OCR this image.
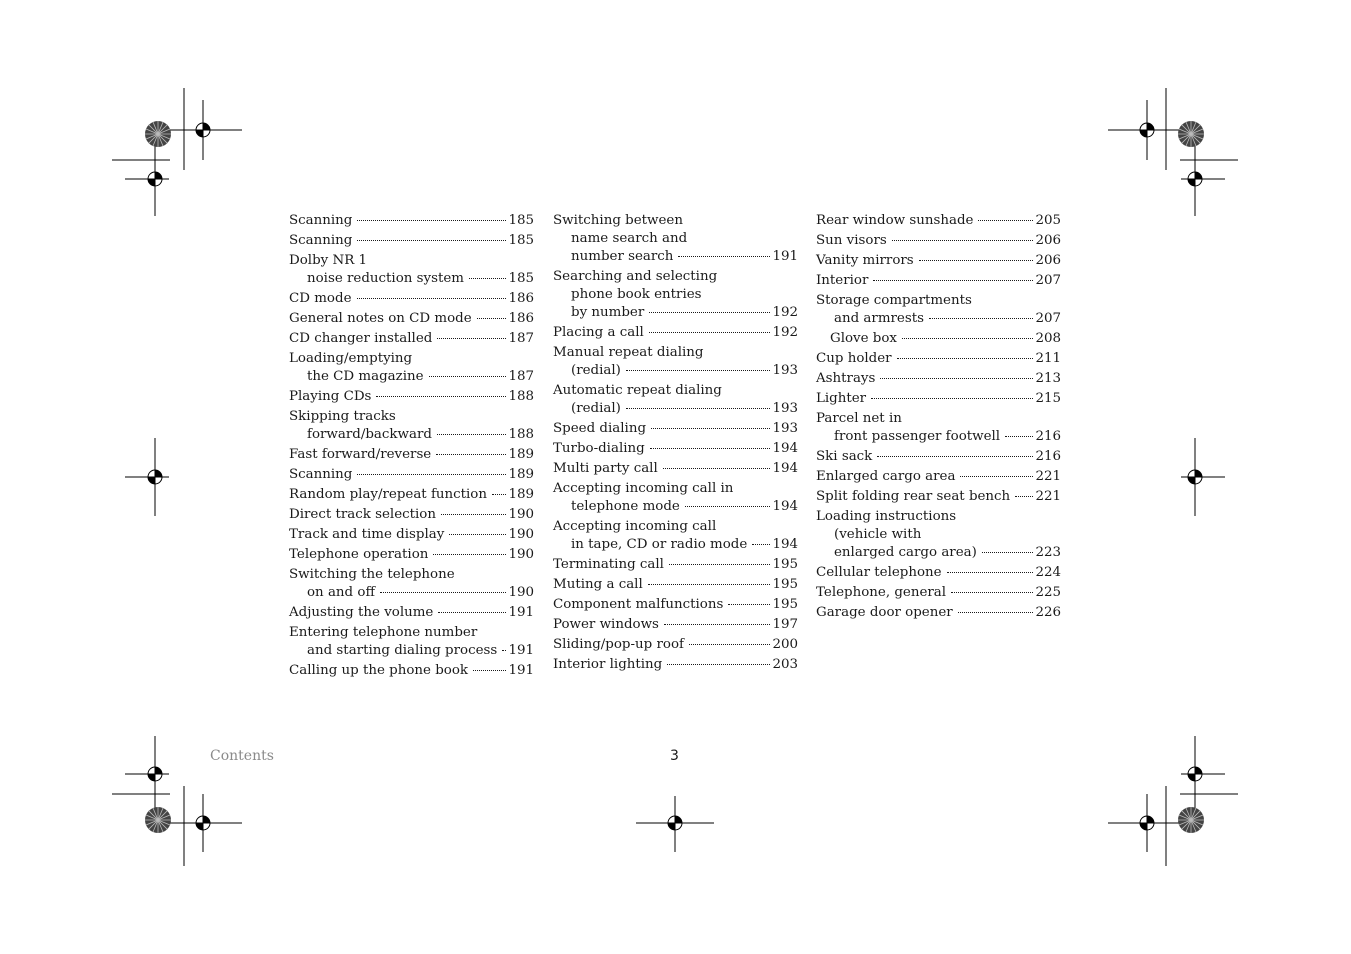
Scanning	185
Scanning	185
Dolby NR 1
noise reduction system	185
CD mode	186
General notes on CD mode	186
CD changer installed	187
Loading/emptying
the CD magazine	187
Playing CDs	188
Skipping tracks
forward/backward	188
Fast forward/reverse	189
Scanning	189
Random play/repeat function 189
Direct track selection	190
Track and time display	190
Telephone operation	190
Switching the telephone
on and off	190
Adjusting the volume	191
Entering telephone number
and starting dialing process 191
Calling up the phone book	191
Switching between
name search and
number search	191
Searching and selecting
phone book entries
by number	192
Placing a call	192
Manual repeat dialing
(redial)	193
Automatic repeat dialing
(redial)	193
Speed dialing	193
Turbo-dialing	194
Multi party call	194
Accepting incoming call in
telephone mode	194
Accepting incoming call
in tape, CD or radio mode 194
Terminating call	195
Muting a call	195
Component malfunctions	195
Power windows	197
Sliding/pop-up roof	200
Interior lighting	203
Rear window sunshade	205
Sun visors	206
Vanity mirrors	206
Interior	207
Storage compartments
and armrests	207
Glove box	208
Cup holder	211
Ashtrays	213
Lighter	215
Parcel net in
front passenger footwell	216
Ski sack	216
Enlarged cargo area	221
Split folding rear seat bench 221
Loading instructions
(vehicle with
enlarged cargo area)	223
Cellular telephone	224
Telephone, general	225
Garage door opener	226
Contents	3
